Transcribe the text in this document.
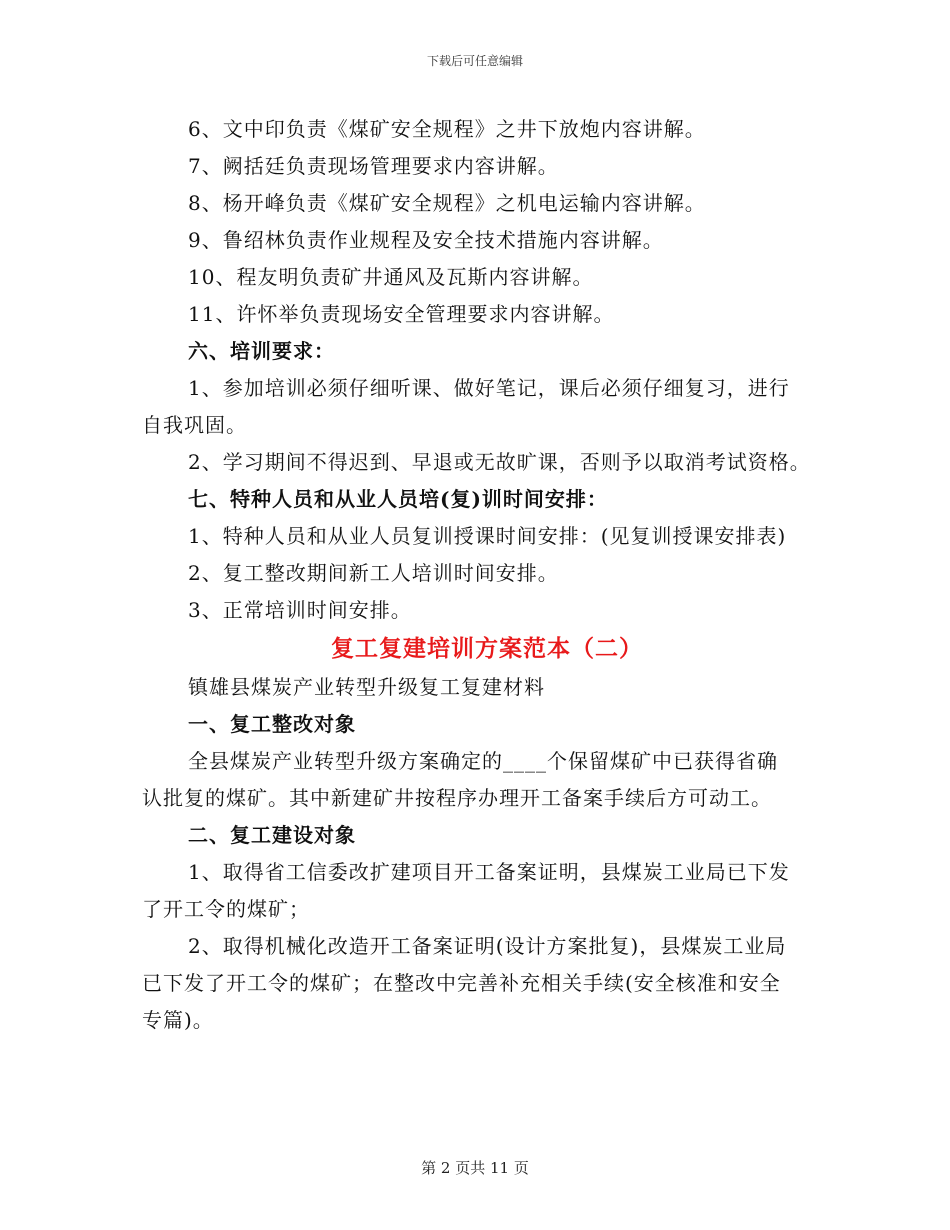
下载后可任意编辑
6、文中印负责《煤矿安全规程》之井下放炮内容讲解。
7、阙括廷负责现场管理要求内容讲解。
8、杨开峰负责《煤矿安全规程》之机电运输内容讲解。
9、鲁绍林负责作业规程及安全技术措施内容讲解。
10、程友明负责矿井通风及瓦斯内容讲解。
11、许怀举负责现场安全管理要求内容讲解。
六、培训要求：
1、参加培训必须仔细听课、做好笔记，课后必须仔细复习，进行
自我巩固。
2、学习期间不得迟到、早退或无故旷课，否则予以取消考试资格。
七、特种人员和从业人员培(复)训时间安排：
1、特种人员和从业人员复训授课时间安排：(见复训授课安排表)
2、复工整改期间新工人培训时间安排。
3、正常培训时间安排。
复工复建培训方案范本（二）
镇雄县煤炭产业转型升级复工复建材料
一、复工整改对象
全县煤炭产业转型升级方案确定的____个保留煤矿中已获得省确
认批复的煤矿。其中新建矿井按程序办理开工备案手续后方可动工。
二、复工建设对象
1、取得省工信委改扩建项目开工备案证明，县煤炭工业局已下发
了开工令的煤矿；
2、取得机械化改造开工备案证明(设计方案批复)，县煤炭工业局
已下发了开工令的煤矿；在整改中完善补充相关手续(安全核准和安全
专篇)。
第 2 页共 11 页
